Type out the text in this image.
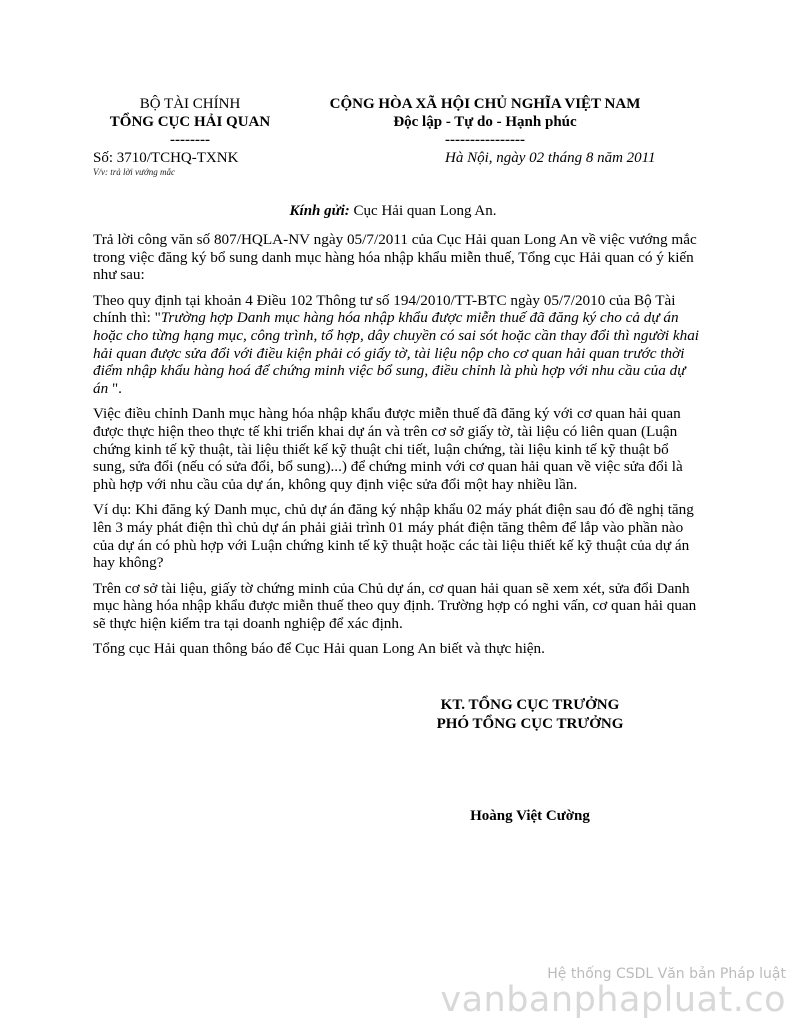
BỘ TÀI CHÍNH
TỔNG CỤC HẢI QUAN
--------
CỘNG HÒA XÃ HỘI CHỦ NGHĨA VIỆT NAM
Độc lập - Tự do - Hạnh phúc
----------------
Số: 3710/TCHQ-TXNK
V/v: trả lời vướng mắc
Hà Nội, ngày 02 tháng 8 năm 2011
Kính gửi: Cục Hải quan Long An.

Trả lời công văn số 807/HQLA-NV ngày 05/7/2011 của Cục Hải quan Long An về việc vướng mắc trong việc đăng ký bổ sung danh mục hàng hóa nhập khẩu miễn thuế, Tổng cục Hải quan có ý kiến như sau:

Theo quy định tại khoản 4 Điều 102 Thông tư số 194/2010/TT-BTC ngày 05/7/2010 của Bộ Tài chính thì: "Trường hợp Danh mục hàng hóa nhập khẩu được miễn thuế đã đăng ký cho cả dự án hoặc cho từng hạng mục, công trình, tổ hợp, dây chuyền có sai sót hoặc cần thay đổi thì người khai hải quan được sửa đổi với điều kiện phải có giấy tờ, tài liệu nộp cho cơ quan hải quan trước thời điểm nhập khẩu hàng hoá để chứng minh việc bổ sung, điều chỉnh là phù hợp với nhu cầu của dự án ".

Việc điều chỉnh Danh mục hàng hóa nhập khẩu được miễn thuế đã đăng ký với cơ quan hải quan được thực hiện theo thực tế khi triển khai dự án và trên cơ sở giấy tờ, tài liệu có liên quan (Luận chứng kinh tế kỹ thuật, tài liệu thiết kế kỹ thuật chi tiết, luận chứng, tài liệu kinh tế kỹ thuật bổ sung, sửa đổi (nếu có sửa đổi, bổ sung)...) để chứng minh với cơ quan hải quan về việc sửa đổi là phù hợp với nhu cầu của dự án, không quy định việc sửa đổi một hay nhiều lần.

Ví dụ: Khi đăng ký Danh mục, chủ dự án đăng ký nhập khẩu 02 máy phát điện sau đó đề nghị tăng lên 3 máy phát điện thì chủ dự án phải giải trình 01 máy phát điện tăng thêm để lắp vào phần nào của dự án có phù hợp với Luận chứng kinh tế kỹ thuật hoặc các tài liệu thiết kế kỹ thuật của dự án hay không?

Trên cơ sở tài liệu, giấy tờ chứng minh của Chủ dự án, cơ quan hải quan sẽ xem xét, sửa đổi Danh mục hàng hóa nhập khẩu được miễn thuế theo quy định. Trường hợp có nghi vấn, cơ quan hải quan sẽ thực hiện kiểm tra tại doanh nghiệp để xác định.

Tổng cục Hải quan thông báo để Cục Hải quan Long An biết và thực hiện.

KT. TỔNG CỤC TRƯỞNG
PHÓ TỔNG CỤC TRƯỞNG
Hoàng Việt Cường
Hệ thống CSDL Văn bản Pháp luật
vanbanphapluat.co
